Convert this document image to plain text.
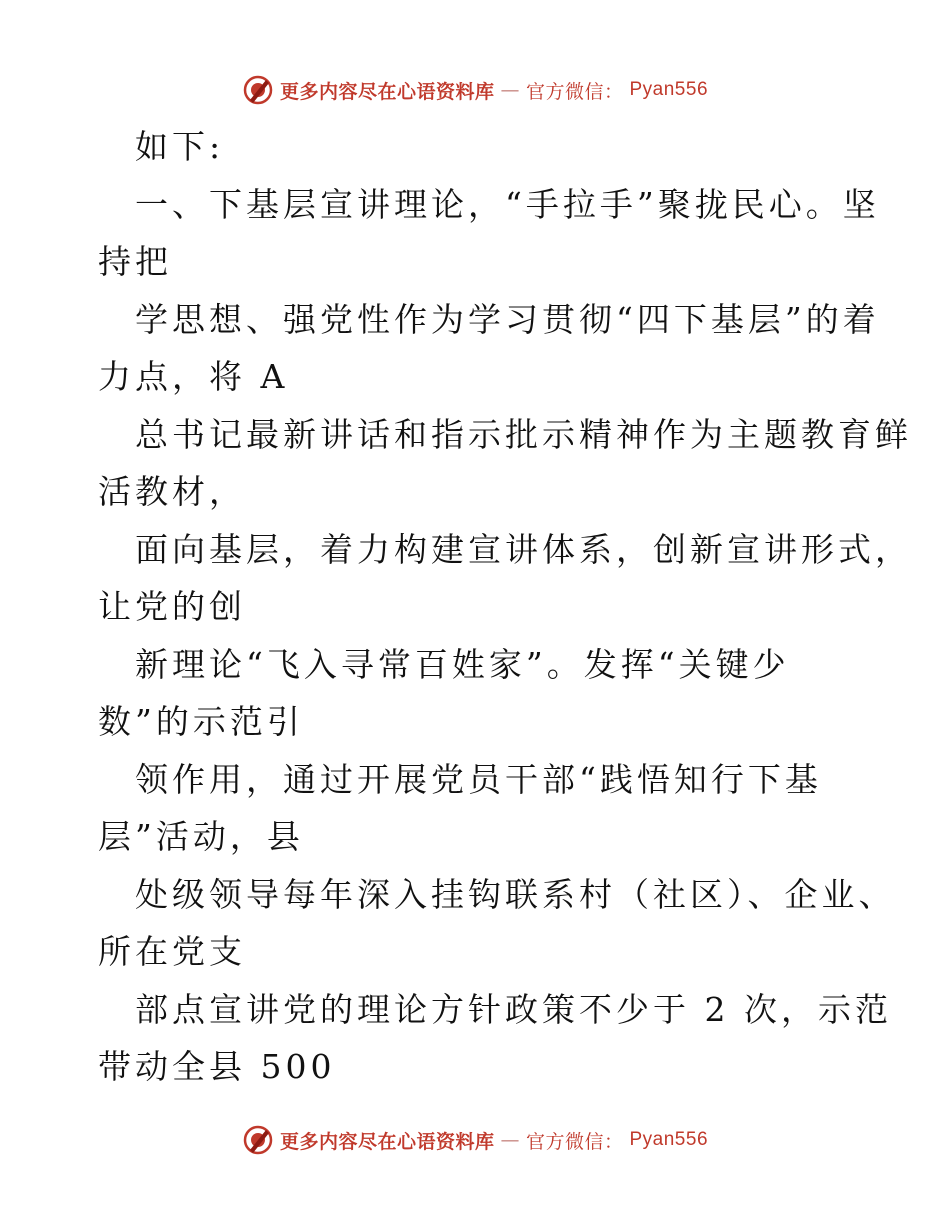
更多内容尽在心语资料库 — 官方微信： Pyan556
如下:
一、下基层宣讲理论，“手拉手”聚拢民心。坚
持把
学思想、强党性作为学习贯彻“四下基层”的着
力点，将 A
总书记最新讲话和指示批示精神作为主题教育鲜
活教材，
面向基层，着力构建宣讲体系，创新宣讲形式，
让党的创
新理论“飞入寻常百姓家”。发挥“关键少
数”的示范引
领作用，通过开展党员干部“践悟知行下基
层”活动，县
处级领导每年深入挂钩联系村（社区）、企业、
所在党支
部点宣讲党的理论方针政策不少于 2 次，示范
带动全县 500
更多内容尽在心语资料库 — 官方微信： Pyan556
